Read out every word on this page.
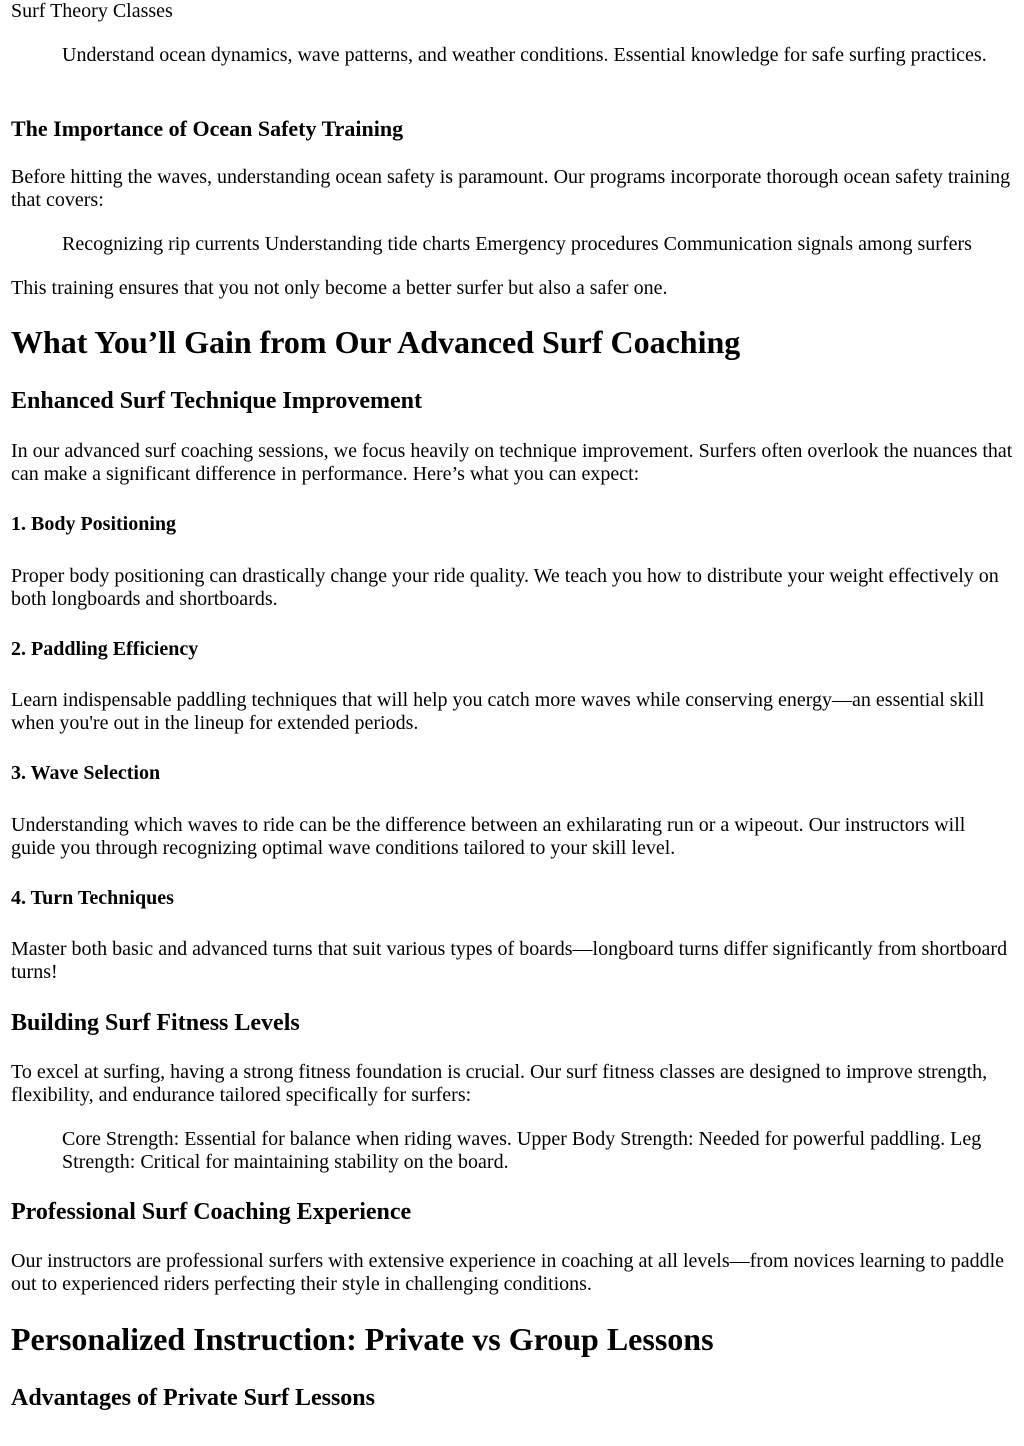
Surf Theory Classes
Understand ocean dynamics, wave patterns, and weather conditions. Essential knowledge for safe surfing practices.
The Importance of Ocean Safety Training

Before hitting the waves, understanding ocean safety is paramount. Our programs incorporate thorough ocean safety training that covers:

Recognizing rip currents Understanding tide charts Emergency procedures Communication signals among surfers

This training ensures that you not only become a better surfer but also a safer one.

What You’ll Gain from Our Advanced Surf Coaching
Enhanced Surf Technique Improvement

In our advanced surf coaching sessions, we focus heavily on technique improvement. Surfers often overlook the nuances that can make a significant difference in performance. Here’s what you can expect:

1. Body Positioning

Proper body positioning can drastically change your ride quality. We teach you how to distribute your weight effectively on both longboards and shortboards.

2. Paddling Efficiency

Learn indispensable paddling techniques that will help you catch more waves while conserving energy—an essential skill when you're out in the lineup for extended periods.

3. Wave Selection

Understanding which waves to ride can be the difference between an exhilarating run or a wipeout. Our instructors will guide you through recognizing optimal wave conditions tailored to your skill level.

4. Turn Techniques

Master both basic and advanced turns that suit various types of boards—longboard turns differ significantly from shortboard turns!

Building Surf Fitness Levels

To excel at surfing, having a strong fitness foundation is crucial. Our surf fitness classes are designed to improve strength, flexibility, and endurance tailored specifically for surfers:

Core Strength: Essential for balance when riding waves. Upper Body Strength: Needed for powerful paddling. Leg Strength: Critical for maintaining stability on the board.
Professional Surf Coaching Experience

Our instructors are professional surfers with extensive experience in coaching at all levels—from novices learning to paddle out to experienced riders perfecting their style in challenging conditions.

Personalized Instruction: Private vs Group Lessons
Advantages of Private Surf Lessons
